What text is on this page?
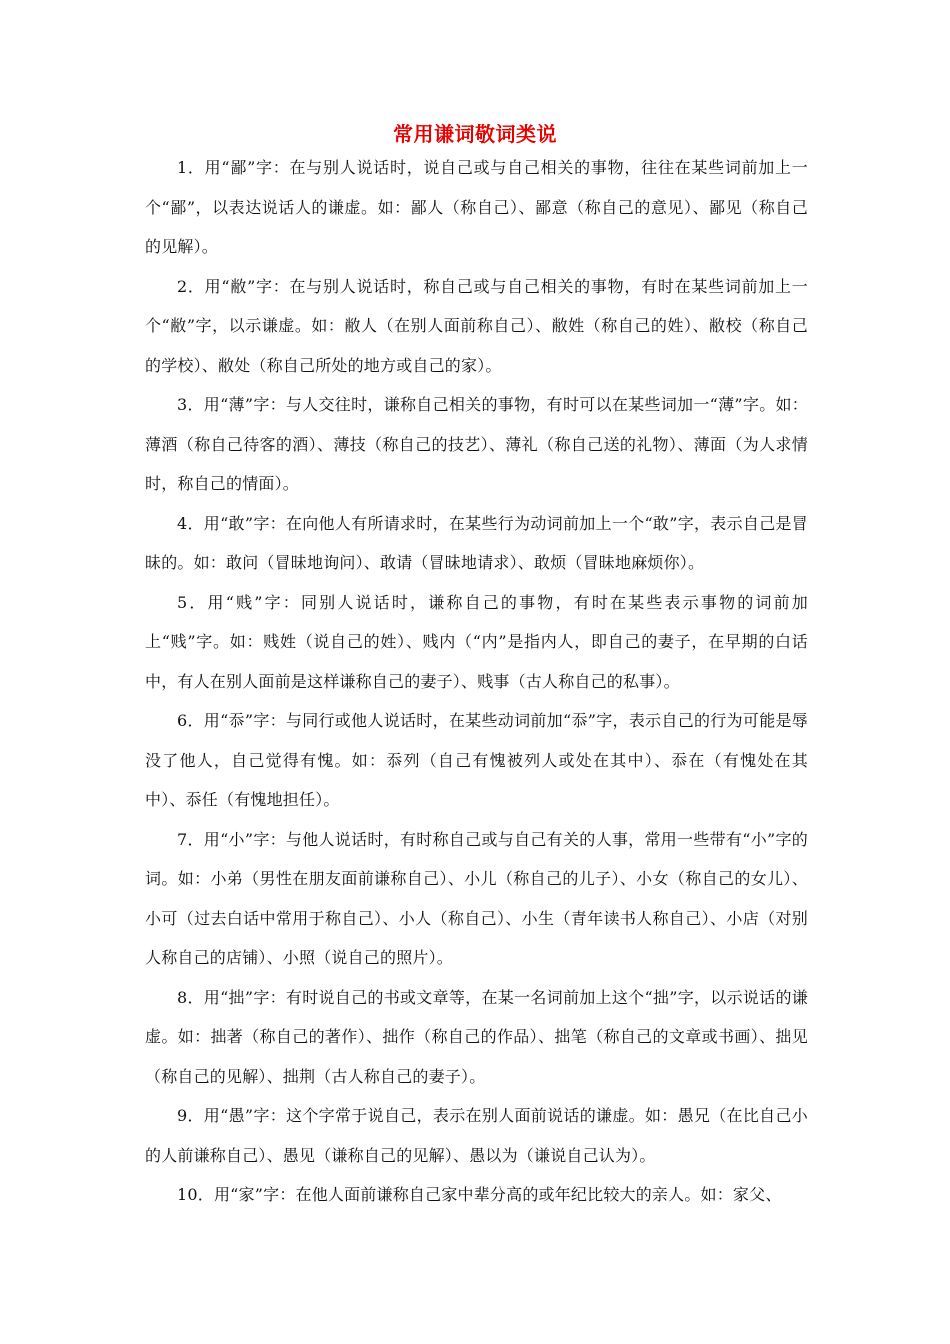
常用谦词敬词类说

1．用“鄙”字：在与别人说话时，说自己或与自己相关的事物，往往在某些词前加上一个“鄙”，以表达说话人的谦虚。如：鄙人（称自己）、鄙意（称自己的意见）、鄙见（称自己的见解）。

2．用“敝”字：在与别人说话时，称自己或与自己相关的事物，有时在某些词前加上一个“敝”字，以示谦虚。如：敝人（在别人面前称自己）、敝姓（称自己的姓）、敝校（称自己的学校）、敝处（称自己所处的地方或自己的家）。

3．用“薄”字：与人交往时，谦称自己相关的事物，有时可以在某些词加一“薄”字。如：薄酒（称自己待客的酒）、薄技（称自己的技艺）、薄礼（称自己送的礼物）、薄面（为人求情时，称自己的情面）。

4．用“敢”字：在向他人有所请求时，在某些行为动词前加上一个“敢”字，表示自己是冒昧的。如：敢问（冒昧地询问）、敢请（冒昧地请求）、敢烦（冒昧地麻烦你）。

5．用“贱”字：同别人说话时，谦称自己的事物，有时在某些表示事物的词前加上“贱”字。如：贱姓（说自己的姓）、贱内（“内”是指内人，即自己的妻子，在早期的白话中，有人在别人面前是这样谦称自己的妻子）、贱事（古人称自己的私事）。

6．用“忝”字：与同行或他人说话时，在某些动词前加“忝”字，表示自己的行为可能是辱没了他人，自己觉得有愧。如：忝列（自己有愧被列人或处在其中）、忝在（有愧处在其中）、忝任（有愧地担任）。

7．用“小”字：与他人说话时，有时称自己或与自己有关的人事，常用一些带有“小”字的词。如：小弟（男性在朋友面前谦称自己）、小儿（称自己的儿子）、小女（称自己的女儿）、小可（过去白话中常用于称自己）、小人（称自己）、小生（青年读书人称自己）、小店（对别人称自己的店铺）、小照（说自己的照片）。

8．用“拙”字：有时说自己的书或文章等，在某一名词前加上这个“拙”字，以示说话的谦虚。如：拙著（称自己的著作）、拙作（称自己的作品）、拙笔（称自己的文章或书画）、拙见（称自己的见解）、拙荆（古人称自己的妻子）。

9．用“愚”字：这个字常于说自己，表示在别人面前说话的谦虚。如：愚兄（在比自己小的人前谦称自己）、愚见（谦称自己的见解）、愚以为（谦说自己认为）。

10．用“家”字：在他人面前谦称自己家中辈分高的或年纪比较大的亲人。如：家父、
